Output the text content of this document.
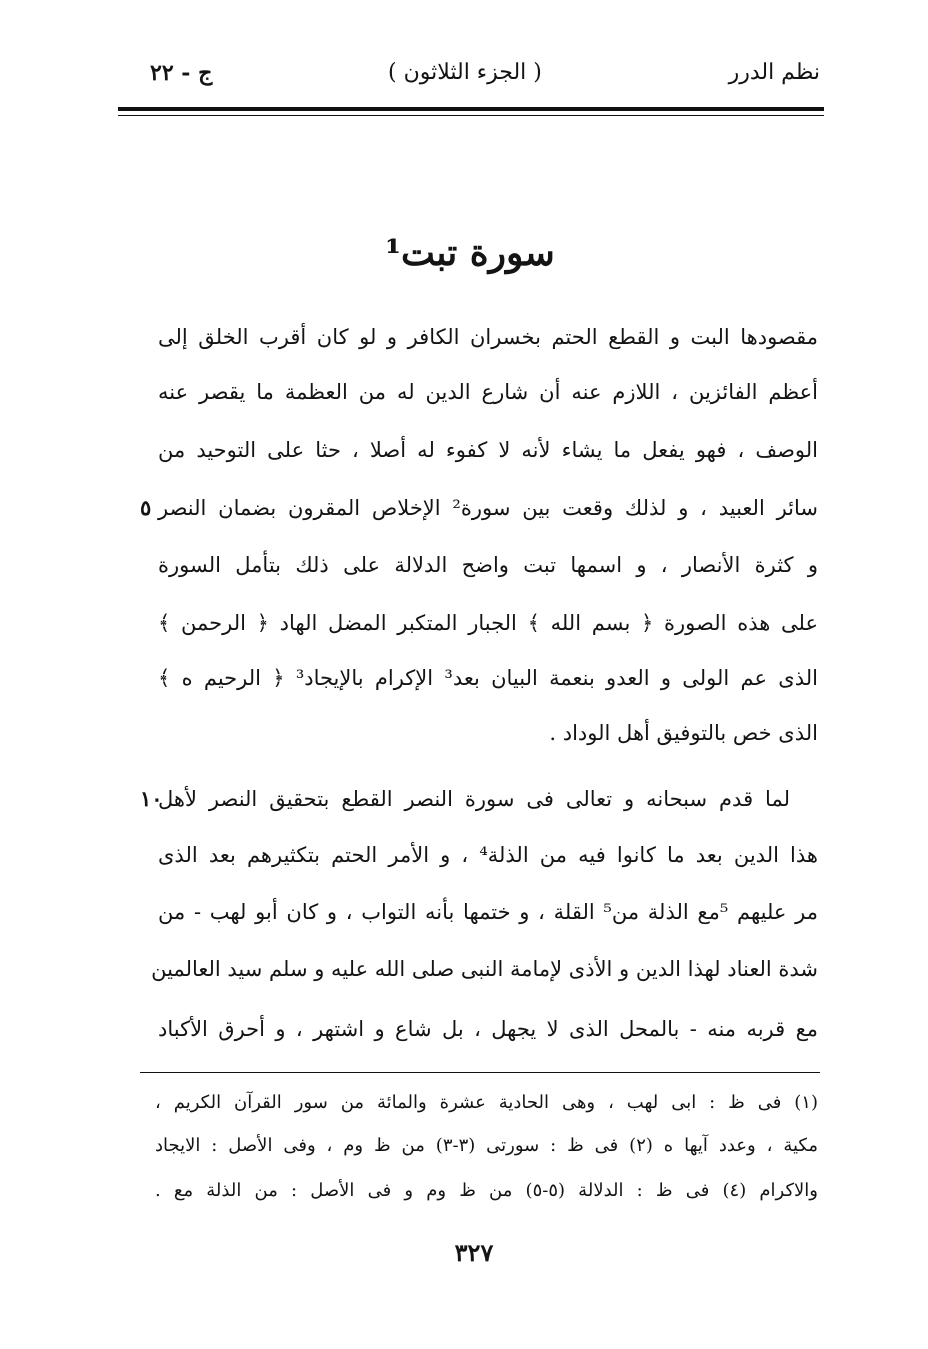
نظم الدرر
( الجزء الثلاثون )
ج - ٢٢
سورة تبت¹
مقصودها البت و القطع الحتم بخسران الكافر و لو كان أقرب الخلق إلى
أعظم الفائزين ، اللازم عنه أن شارع الدين له من العظمة ما يقصر عنه
الوصف ، فهو يفعل ما يشاء لأنه لا كفوء له أصلا ، حثا على التوحيد من
سائر العبيد ، و لذلك وقعت بين سورة² الإخلاص المقرون بضمان النصر
و كثرة الأنصار ، و اسمها تبت واضح الدلالة على ذلك بتأمل السورة
على هذه الصورة ﴿ بسم الله ﴾ الجبار المتكبر المضل الهاد ﴿ الرحمن ﴾
الذى عم الولى و العدو بنعمة البيان بعد³ الإكرام بالإيجاد³ ﴿ الرحيم ه ﴾
الذى خص بالتوفيق أهل الوداد .
لما قدم سبحانه و تعالى فى سورة النصر القطع بتحقيق النصر لأهل
هذا الدين بعد ما كانوا فيه من الذلة⁴ ، و الأمر الحتم بتكثيرهم بعد الذى
مر عليهم ⁵مع الذلة من⁵ القلة ، و ختمها بأنه التواب ، و كان أبو لهب - من
شدة العناد لهذا الدين و الأذى لإمامة النبى صلى الله عليه و سلم سيد العالمين
مع قربه منه - بالمحل الذى لا يجهل ، بل شاع و اشتهر ، و أحرق الأكباد
٥
١٠
(١) فى ظ : ابى لهب ، وهى الحادية عشرة والمائة من سور القرآن الكريم ،
مكية ، وعدد آيها ه (٢) فى ظ : سورتى (٣-٣) من ظ وم ، وفى الأصل : الايجاد
والاكرام (٤) فى ظ : الدلالة (٥-٥) من ظ وم و فى الأصل : من الذلة مع .
٣٢٧
